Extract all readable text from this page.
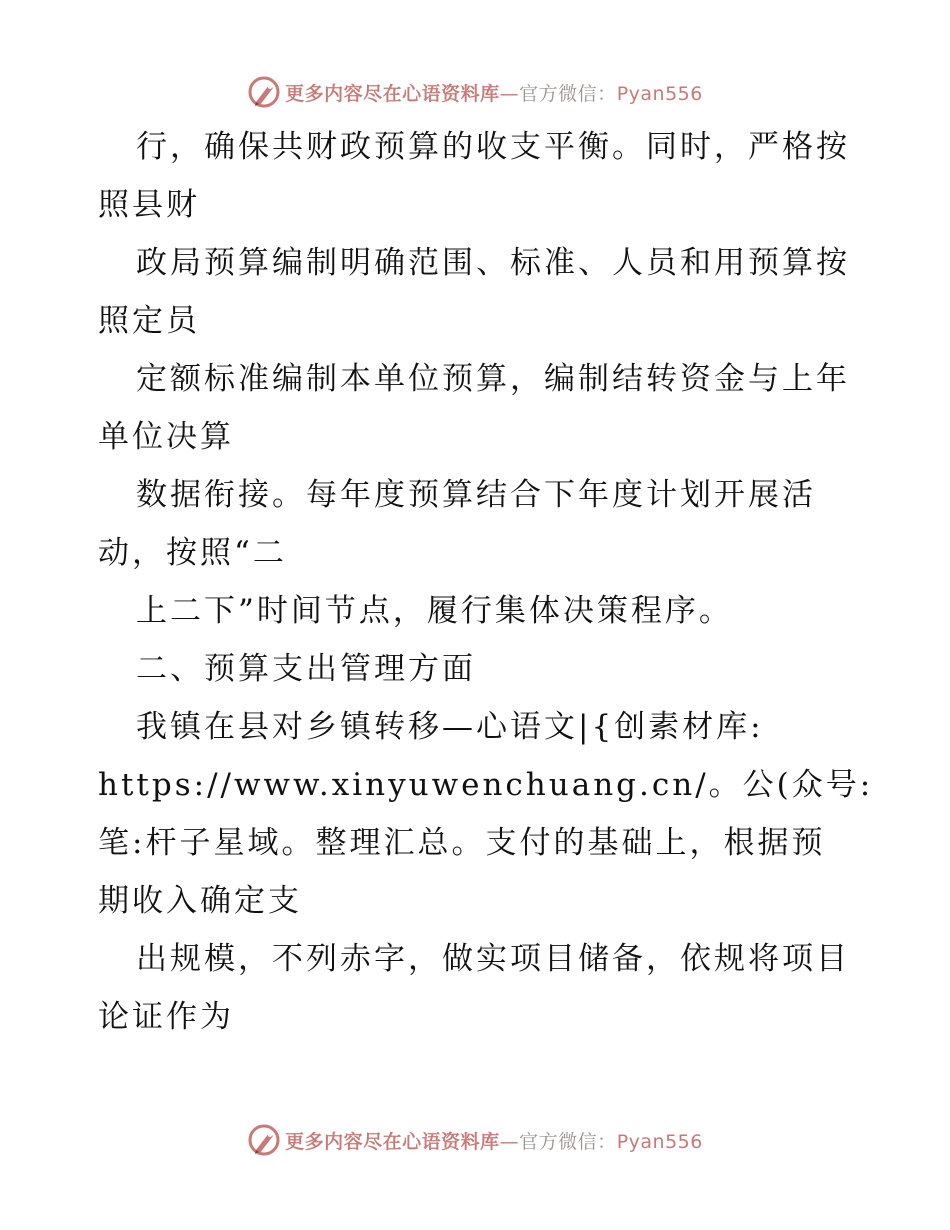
更多内容尽在心语资料库—官方微信：Pyan556
行，确保共财政预算的收支平衡。同时，严格按
照县财
政局预算编制明确范围、标准、人员和用预算按
照定员
定额标准编制本单位预算，编制结转资金与上年
单位决算
数据衔接。每年度预算结合下年度计划开展活
动，按照“二
上二下”时间节点，履行集体决策程序。
二、预算支出管理方面
我镇在县对乡镇转移—心语文|{创素材库:
https://www.xinyuwenchuang.cn/。公(众号:
笔:杆子星域。整理汇总。支付的基础上，根据预
期收入确定支
出规模，不列赤字，做实项目储备，依规将项目
论证作为
更多内容尽在心语资料库—官方微信：Pyan556
